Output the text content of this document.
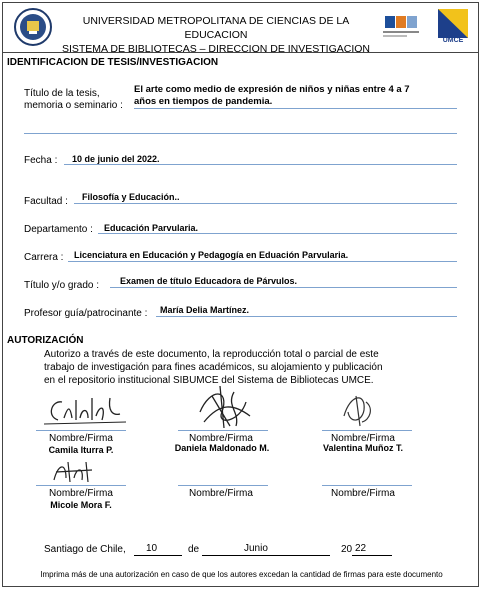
UNIVERSIDAD METROPOLITANA DE CIENCIAS DE LA EDUCACION
SISTEMA DE BIBLIOTECAS – DIRECCION DE INVESTIGACION
UMCE
IDENTIFICACION DE TESIS/INVESTIGACION
Título de la tesis,
memoria o seminario :
El arte como medio de expresión de niños y niñas entre 4 a 7
años en tiempos de pandemia.
Fecha : 10 de junio del 2022.
Facultad : Filosofía y Educación..
Departamento : Educación Parvularia.
Carrera : Licenciatura en Educación y Pedagogía en Eduación Parvularia.
Título y/o grado : Examen de título Educadora de Párvulos.
Profesor guía/patrocinante : María Delia Martínez.
AUTORIZACIÓN
Autorizo a través de este documento, la reproducción total o parcial de este
trabajo de investigación para fines académicos, su alojamiento y publicación
en el repositorio institucional SIBUMCE del Sistema de Bibliotecas UMCE.
Nombre/Firma	Nombre/Firma	Nombre/Firma
Camila Iturra P.	Daniela Maldonado M.	Valentina Muñoz T.
Nombre/Firma	Nombre/Firma	Nombre/Firma
Micole Mora F.
Santiago de Chile, 10	de	Junio	20 22
Imprima más de una autorización en caso de que los autores excedan la cantidad de firmas para este documento
